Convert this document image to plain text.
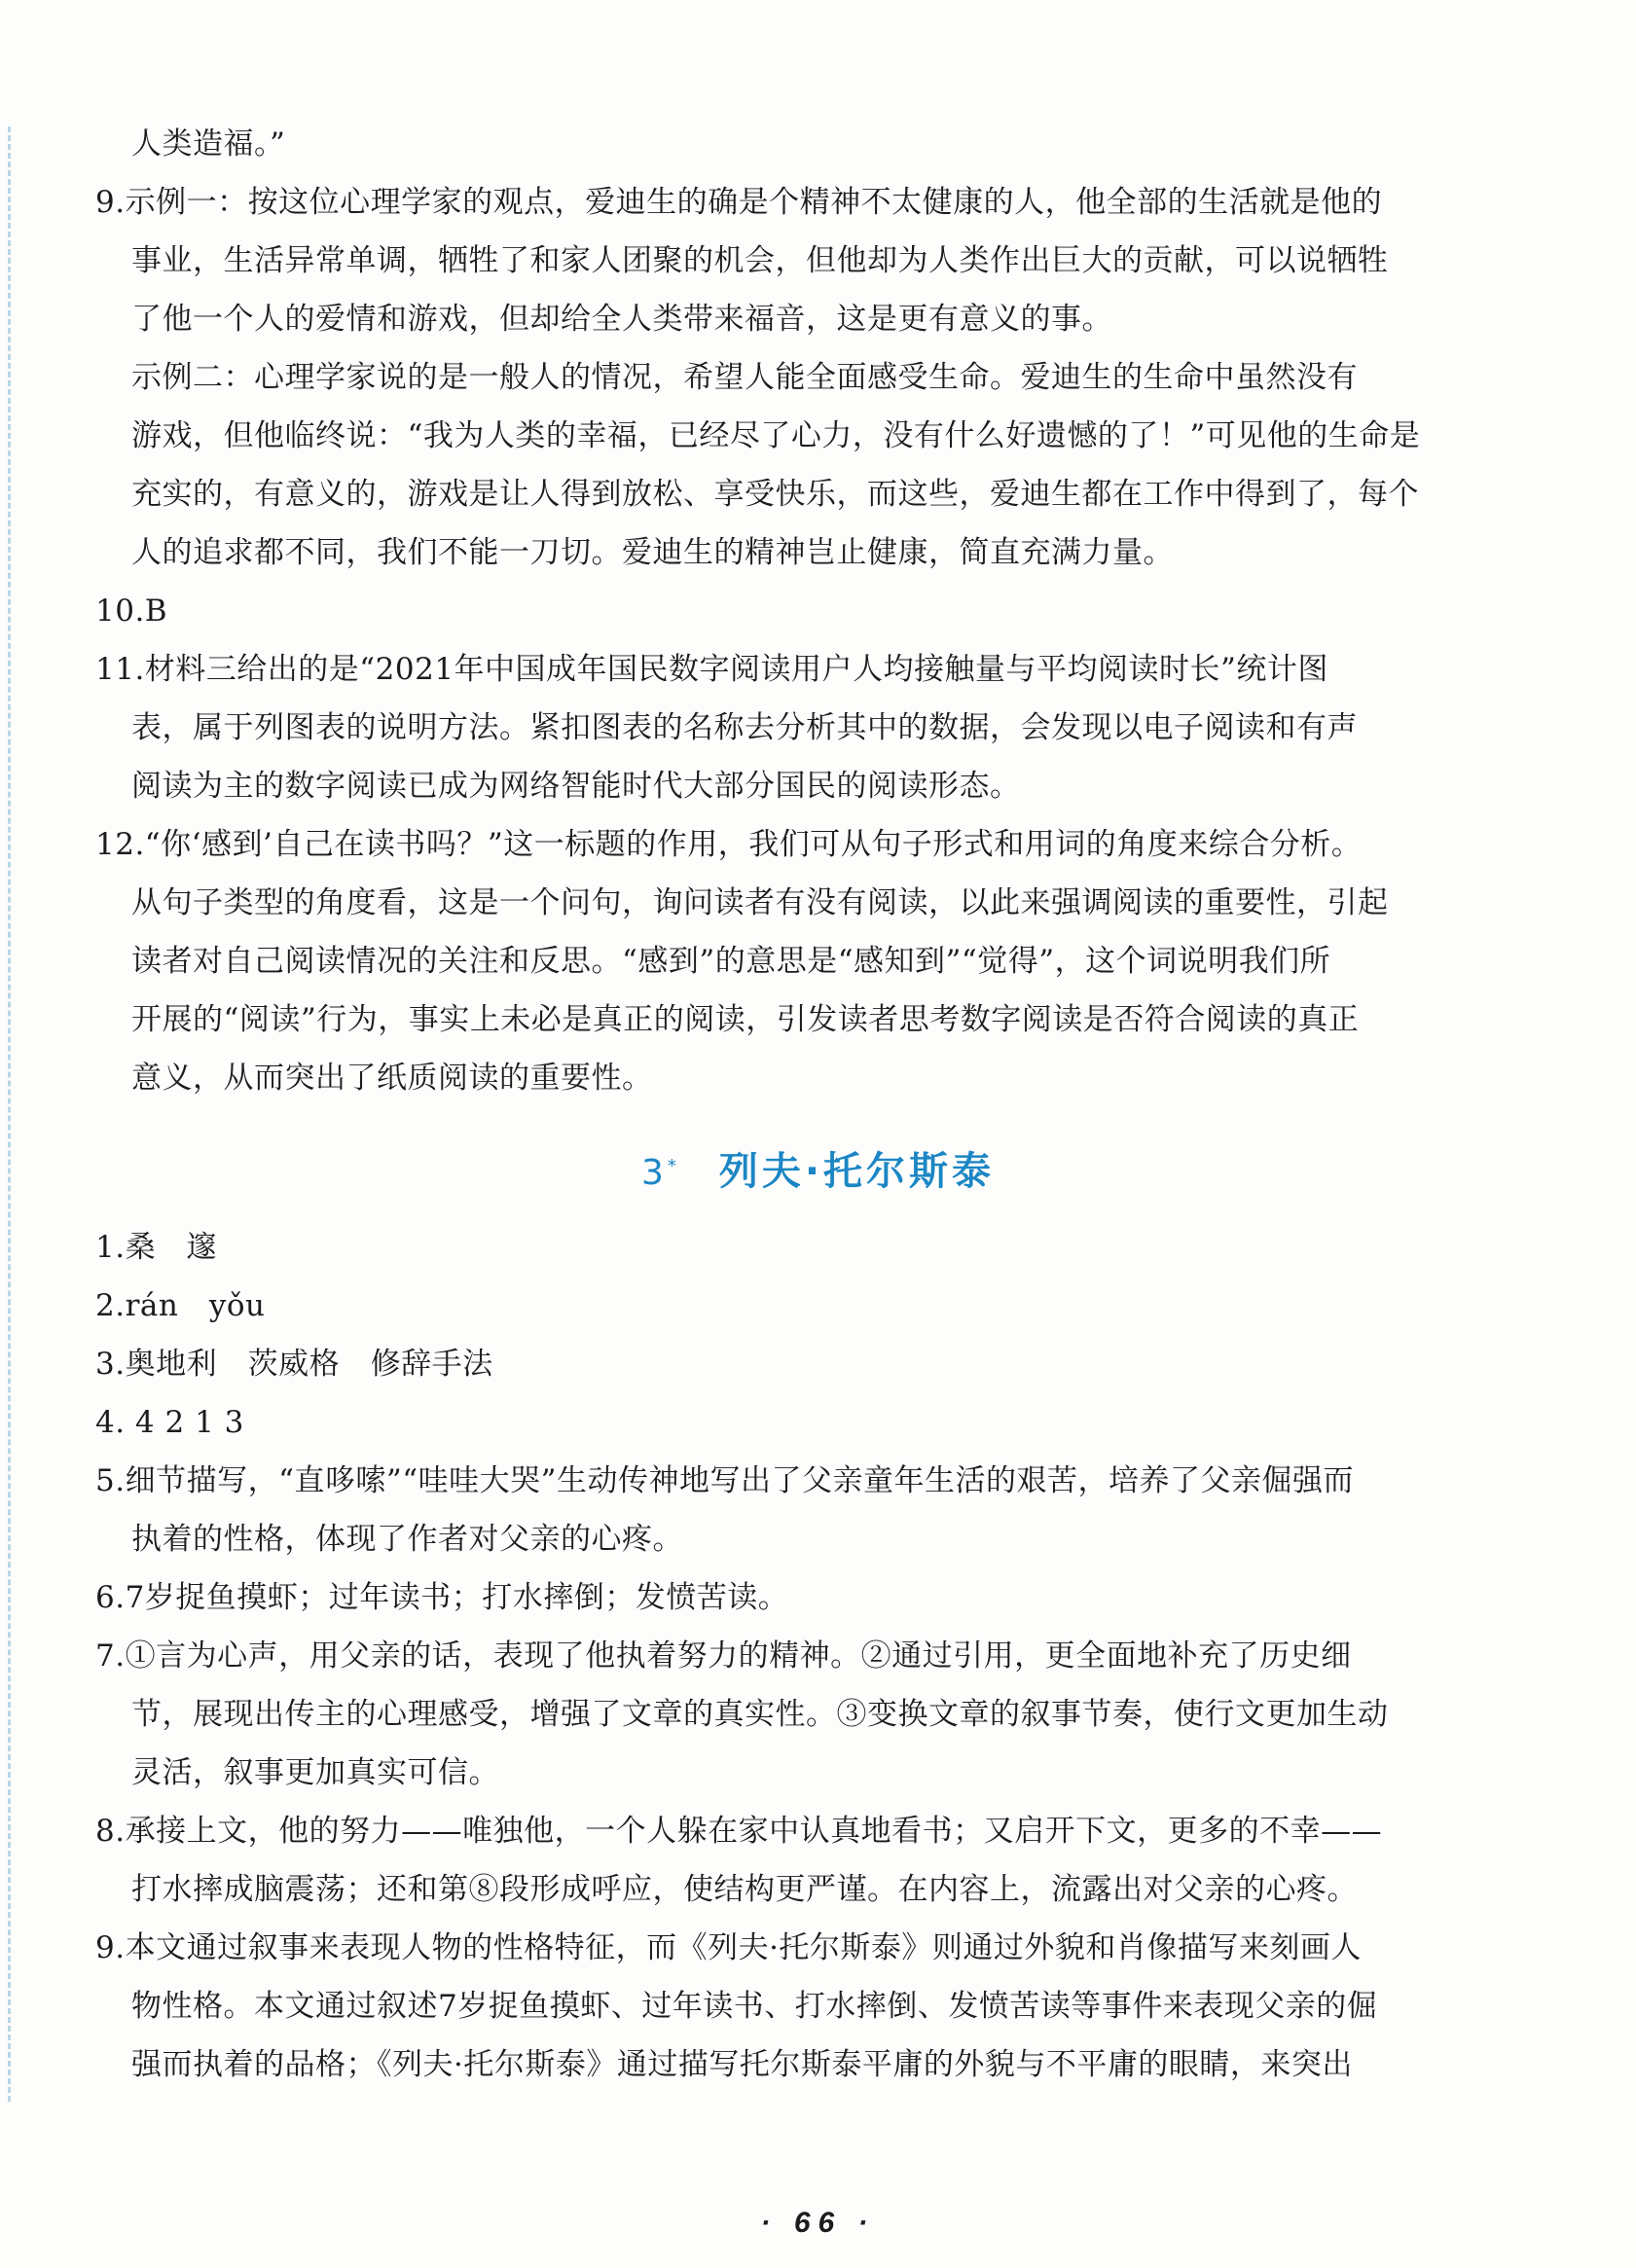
人类造福。”
9.示例一：按这位心理学家的观点，爱迪生的确是个精神不太健康的人，他全部的生活就是他的
事业，生活异常单调，牺牲了和家人团聚的机会，但他却为人类作出巨大的贡献，可以说牺牲
了他一个人的爱情和游戏，但却给全人类带来福音，这是更有意义的事。
示例二：心理学家说的是一般人的情况，希望人能全面感受生命。爱迪生的生命中虽然没有
游戏，但他临终说：“我为人类的幸福，已经尽了心力，没有什么好遗憾的了！”可见他的生命是
充实的，有意义的，游戏是让人得到放松、享受快乐，而这些，爱迪生都在工作中得到了，每个
人的追求都不同，我们不能一刀切。爱迪生的精神岂止健康，简直充满力量。
10.B
11.材料三给出的是“2021年中国成年国民数字阅读用户人均接触量与平均阅读时长”统计图
表，属于列图表的说明方法。紧扣图表的名称去分析其中的数据，会发现以电子阅读和有声
阅读为主的数字阅读已成为网络智能时代大部分国民的阅读形态。
12.“你‘感到’自己在读书吗？”这一标题的作用，我们可从句子形式和用词的角度来综合分析。
从句子类型的角度看，这是一个问句，询问读者有没有阅读，以此来强调阅读的重要性，引起
读者对自己阅读情况的关注和反思。“感到”的意思是“感知到”“觉得”，这个词说明我们所
开展的“阅读”行为，事实上未必是真正的阅读，引发读者思考数字阅读是否符合阅读的真正
意义，从而突出了纸质阅读的重要性。
3* 列夫·托尔斯泰
1.桑　邃
2.rán　yǒu
3.奥地利　茨威格　修辞手法
4. 4 2 1 3
5.细节描写，“直哆嗦”“哇哇大哭”生动传神地写出了父亲童年生活的艰苦，培养了父亲倔强而
执着的性格，体现了作者对父亲的心疼。
6.7岁捉鱼摸虾；过年读书；打水摔倒；发愤苦读。
7.①言为心声，用父亲的话，表现了他执着努力的精神。②通过引用，更全面地补充了历史细
节，展现出传主的心理感受，增强了文章的真实性。③变换文章的叙事节奏，使行文更加生动
灵活，叙事更加真实可信。
8.承接上文，他的努力——唯独他，一个人躲在家中认真地看书；又启开下文，更多的不幸——
打水摔成脑震荡；还和第⑧段形成呼应，使结构更严谨。在内容上，流露出对父亲的心疼。
9.本文通过叙事来表现人物的性格特征，而《列夫·托尔斯泰》则通过外貌和肖像描写来刻画人
物性格。本文通过叙述7岁捉鱼摸虾、过年读书、打水摔倒、发愤苦读等事件来表现父亲的倔
强而执着的品格；《列夫·托尔斯泰》通过描写托尔斯泰平庸的外貌与不平庸的眼睛，来突出
· 66 ·
